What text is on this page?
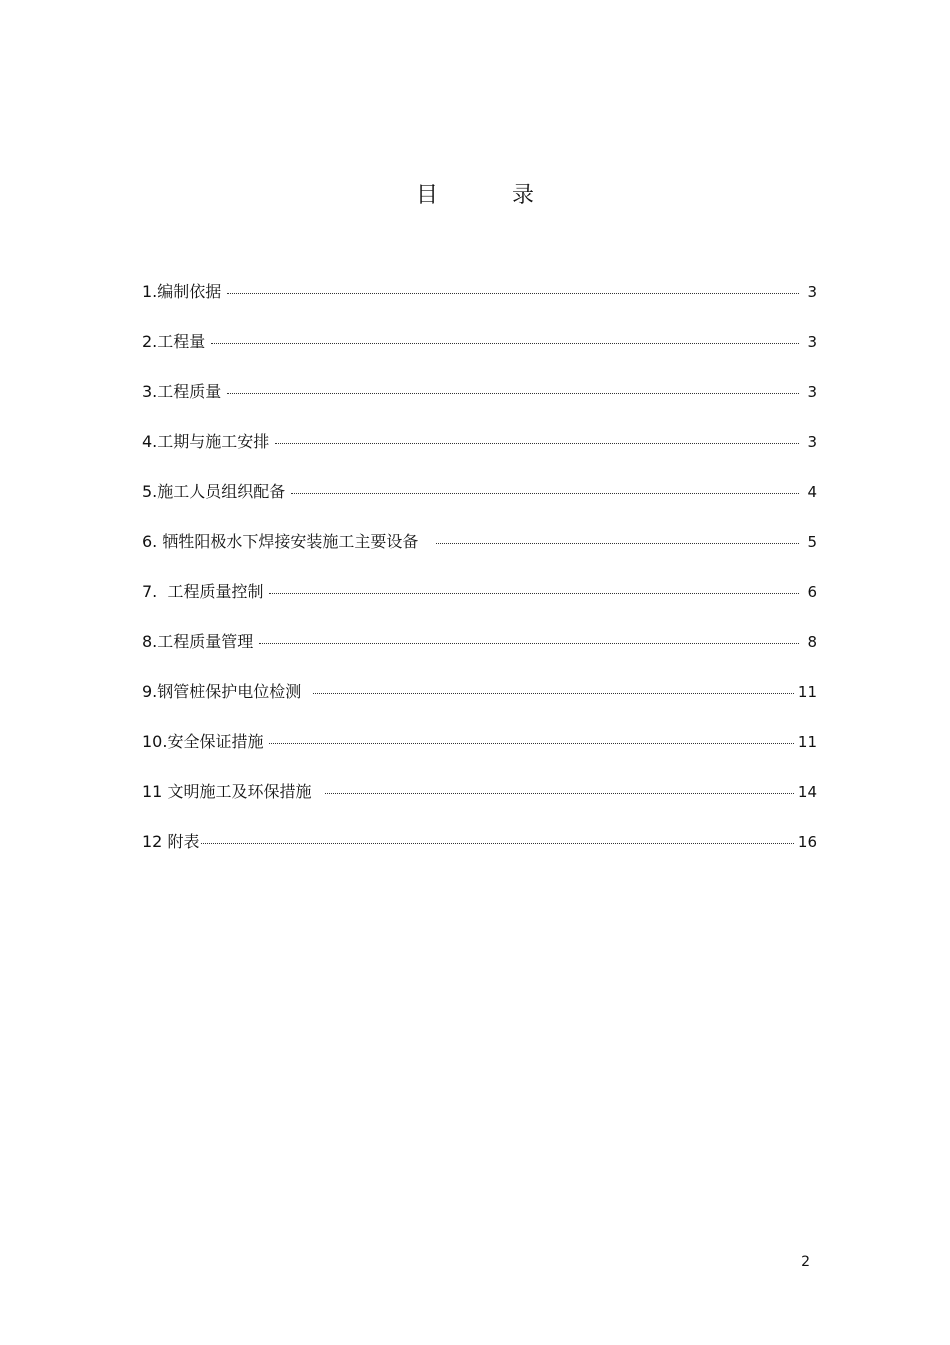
目　录
1.编制依据	3
2.工程量	3
3.工程质量	3
4.工期与施工安排	3
5.施工人员组织配备	4
6. 牺牲阳极水下焊接安装施工主要设备	5
7.  工程质量控制	6
8.工程质量管理	8
9.钢管桩保护电位检测	11
10.安全保证措施	11
11 文明施工及环保措施	14
12 附表	16
2
